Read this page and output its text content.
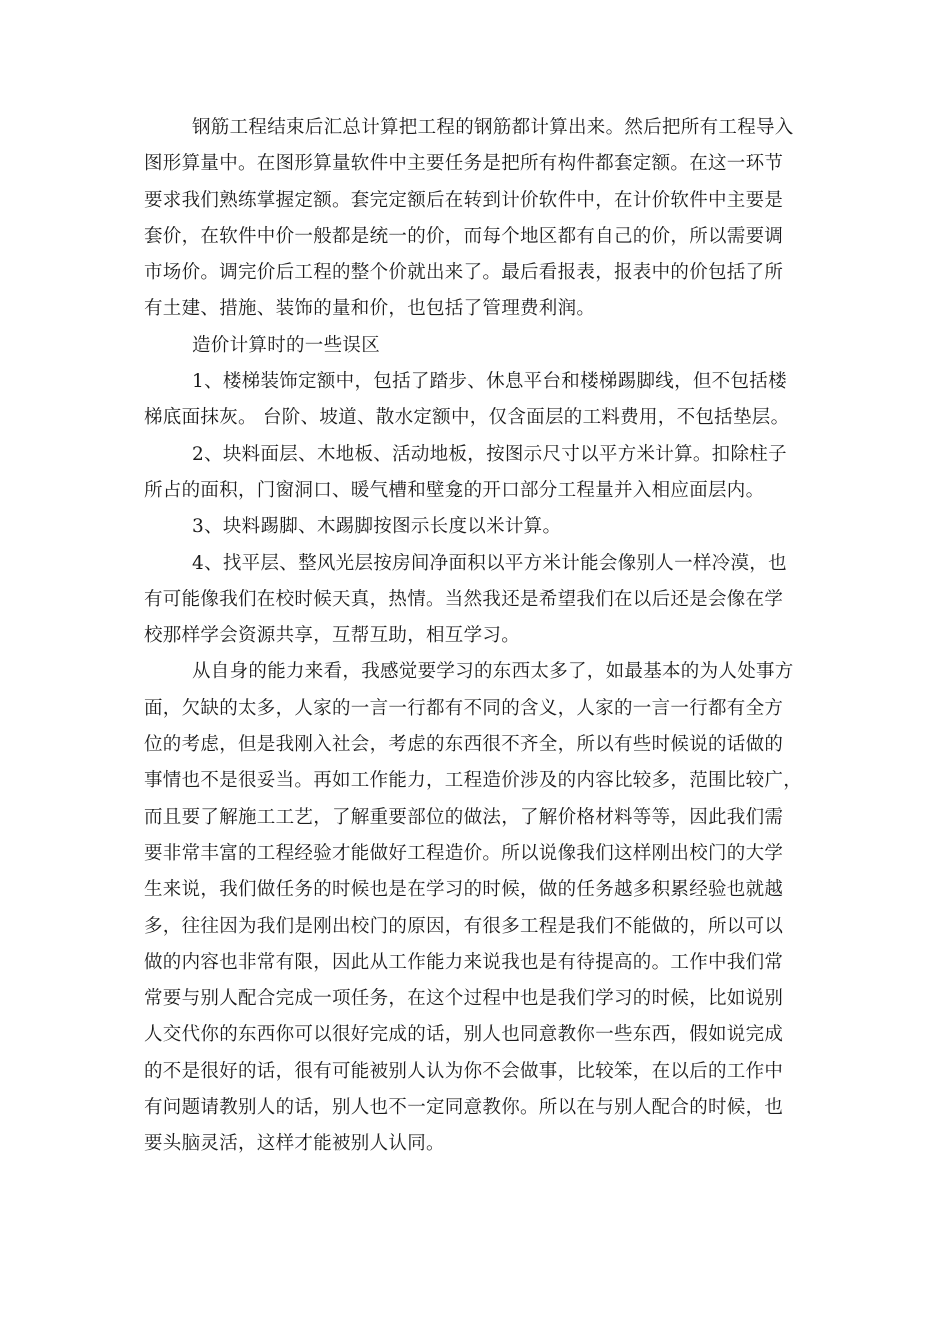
钢筋工程结束后汇总计算把工程的钢筋都计算出来。然后把所有工程导入
图形算量中。在图形算量软件中主要任务是把所有构件都套定额。在这一环节
要求我们熟练掌握定额。套完定额后在转到计价软件中，在计价软件中主要是
套价，在软件中价一般都是统一的价，而每个地区都有自己的价，所以需要调
市场价。调完价后工程的整个价就出来了。最后看报表，报表中的价包括了所
有土建、措施、装饰的量和价，也包括了管理费利润。
造价计算时的一些误区
1、楼梯装饰定额中，包括了踏步、休息平台和楼梯踢脚线，但不包括楼
梯底面抹灰。 台阶、坡道、散水定额中，仅含面层的工料费用，不包括垫层。
2、块料面层、木地板、活动地板，按图示尺寸以平方米计算。扣除柱子
所占的面积，门窗洞口、暖气槽和壁龛的开口部分工程量并入相应面层内。
3、块料踢脚、木踢脚按图示长度以米计算。
4、找平层、整风光层按房间净面积以平方米计能会像别人一样冷漠，也
有可能像我们在校时候天真，热情。当然我还是希望我们在以后还是会像在学
校那样学会资源共享，互帮互助，相互学习。
从自身的能力来看，我感觉要学习的东西太多了，如最基本的为人处事方
面，欠缺的太多，人家的一言一行都有不同的含义，人家的一言一行都有全方
位的考虑，但是我刚入社会，考虑的东西很不齐全，所以有些时候说的话做的
事情也不是很妥当。再如工作能力，工程造价涉及的内容比较多，范围比较广，
而且要了解施工工艺，了解重要部位的做法，了解价格材料等等，因此我们需
要非常丰富的工程经验才能做好工程造价。所以说像我们这样刚出校门的大学
生来说，我们做任务的时候也是在学习的时候，做的任务越多积累经验也就越
多，往往因为我们是刚出校门的原因，有很多工程是我们不能做的，所以可以
做的内容也非常有限，因此从工作能力来说我也是有待提高的。工作中我们常
常要与别人配合完成一项任务，在这个过程中也是我们学习的时候，比如说别
人交代你的东西你可以很好完成的话，别人也同意教你一些东西，假如说完成
的不是很好的话，很有可能被别人认为你不会做事，比较笨，在以后的工作中
有问题请教别人的话，别人也不一定同意教你。所以在与别人配合的时候，也
要头脑灵活，这样才能被别人认同。
